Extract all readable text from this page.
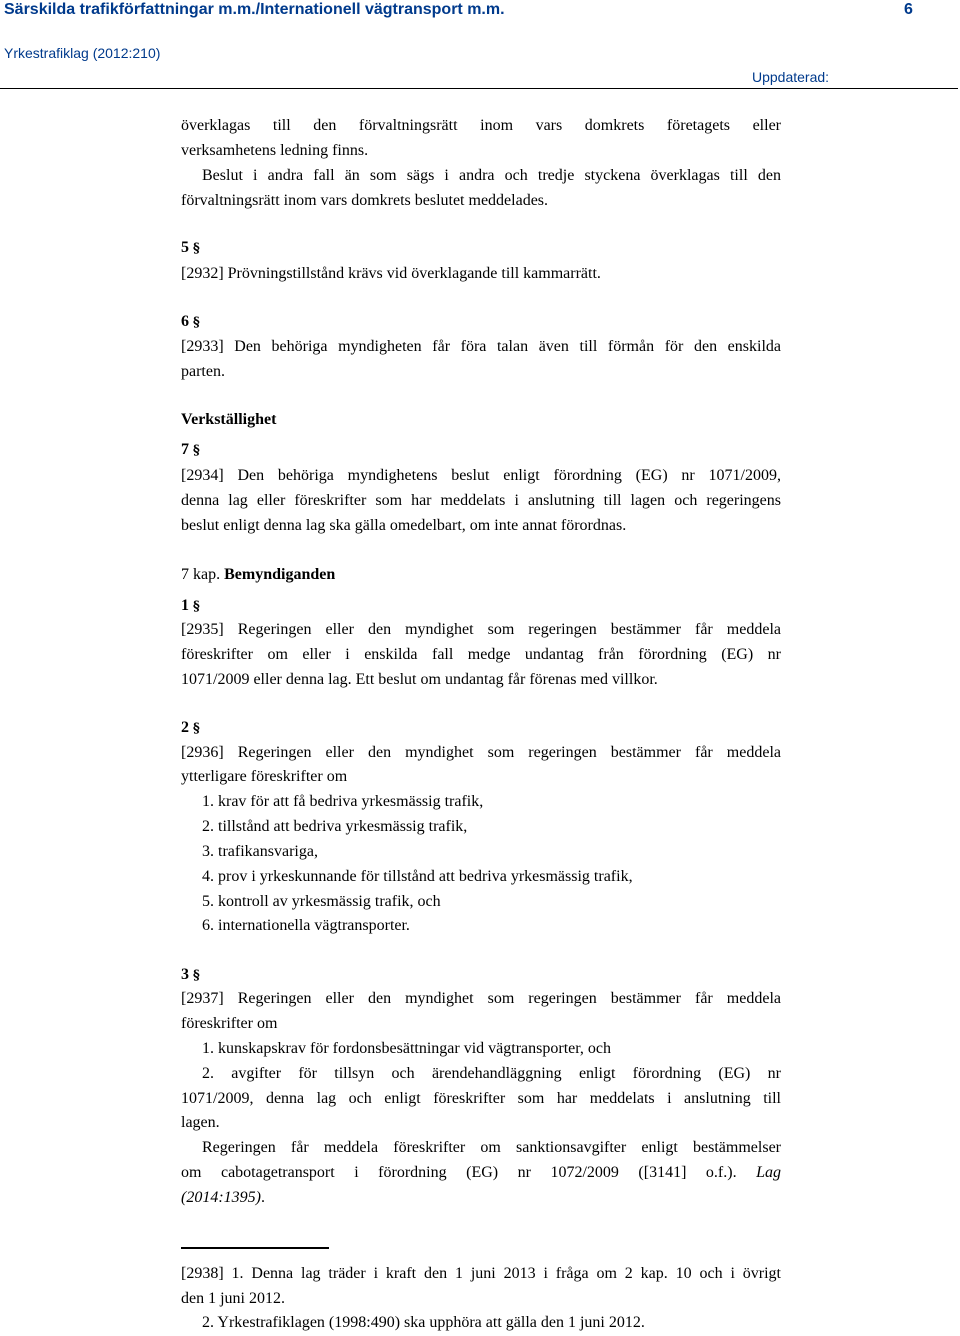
Särskilda trafikförfattningar m.m./Internationell vägtransport m.m.	6
Yrkestrafiklag (2012:210)
Uppdaterad:

överklagas till den förvaltningsrätt inom vars domkrets företagets eller

verksamhetens ledning finns.

Beslut i andra fall än som sägs i andra och tredje styckena överklagas till den

förvaltningsrätt inom vars domkrets beslutet meddelades.

5 §

[2932] Prövningstillstånd krävs vid överklagande till kammarrätt.

6 §

[2933] Den behöriga myndigheten får föra talan även till förmån för den enskilda

parten.

Verkställighet

7 §

[2934] Den behöriga myndighetens beslut enligt förordning (EG) nr 1071/2009,

denna lag eller föreskrifter som har meddelats i anslutning till lagen och regeringens

beslut enligt denna lag ska gälla omedelbart, om inte annat förordnas.

7 kap. Bemyndiganden

1 §

[2935] Regeringen eller den myndighet som regeringen bestämmer får meddela

föreskrifter om eller i enskilda fall medge undantag från förordning (EG) nr

1071/2009 eller denna lag. Ett beslut om undantag får förenas med villkor.

2 §

[2936] Regeringen eller den myndighet som regeringen bestämmer får meddela

ytterligare föreskrifter om

1. krav för att få bedriva yrkesmässig trafik,

2. tillstånd att bedriva yrkesmässig trafik,

3. trafikansvariga,

4. prov i yrkeskunnande för tillstånd att bedriva yrkesmässig trafik,

5. kontroll av yrkesmässig trafik, och

6. internationella vägtransporter.

3 §

[2937] Regeringen eller den myndighet som regeringen bestämmer får meddela

föreskrifter om

1. kunskapskrav för fordonsbesättningar vid vägtransporter, och

2. avgifter för tillsyn och ärendehandläggning enligt förordning (EG) nr

1071/2009, denna lag och enligt föreskrifter som har meddelats i anslutning till

lagen.

Regeringen får meddela föreskrifter om sanktionsavgifter enligt bestämmelser

om cabotagetransport i förordning (EG) nr 1072/2009 ([3141] o.f.). Lag

(2014:1395).

[2938] 1. Denna lag träder i kraft den 1 juni 2013 i fråga om 2 kap. 10 och i övrigt

den 1 juni 2012.

2. Yrkestrafiklagen (1998:490) ska upphöra att gälla den 1 juni 2012.
